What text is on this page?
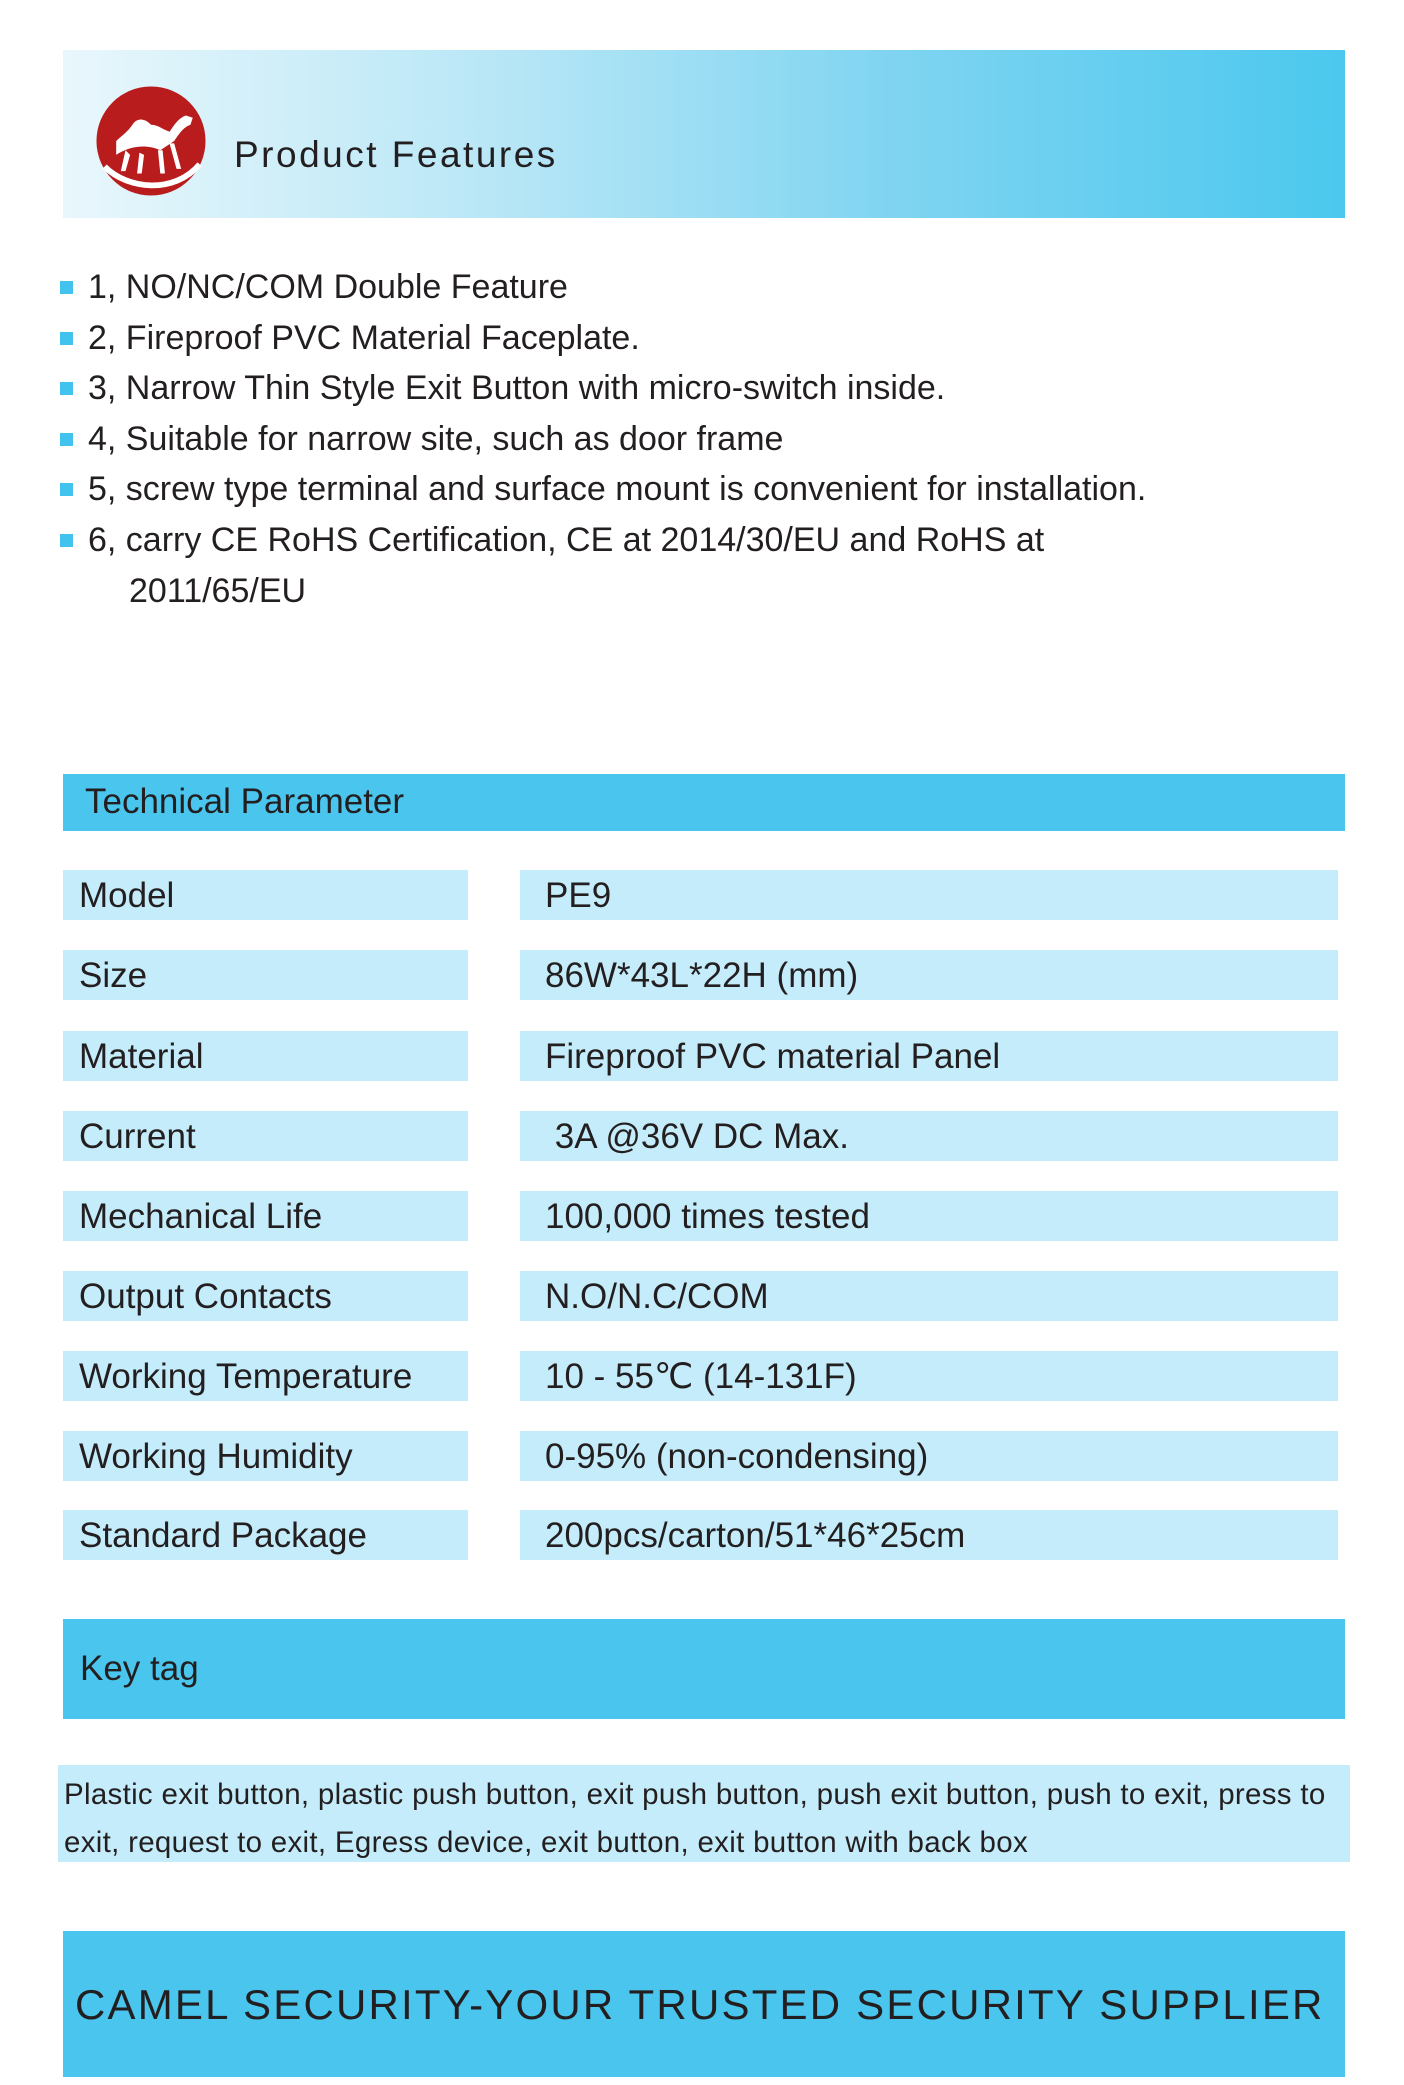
Product Features
1, NO/NC/COM Double Feature
2, Fireproof PVC Material Faceplate.
3, Narrow Thin Style Exit Button with micro-switch inside.
4, Suitable for narrow site, such as door frame
5, screw type terminal and surface mount is convenient for installation.
6, carry CE RoHS Certification, CE at 2014/30/EU and RoHS at
2011/65/EU
Technical Parameter
Model	PE9
Size	86W*43L*22H (mm)
Material	Fireproof PVC material Panel
Current	3A @36V DC Max.
Mechanical Life	100,000 times tested
Output Contacts	N.O/N.C/COM
Working Temperature	10 - 55℃ (14-131F)
Working Humidity	0-95% (non-condensing)
Standard Package	200pcs/carton/51*46*25cm
Key tag
Plastic exit button, plastic push button, exit push button, push exit button, push to exit, press to exit, request to exit, Egress device, exit button, exit button with back box
CAMEL SECURITY-YOUR TRUSTED SECURITY SUPPLIER
